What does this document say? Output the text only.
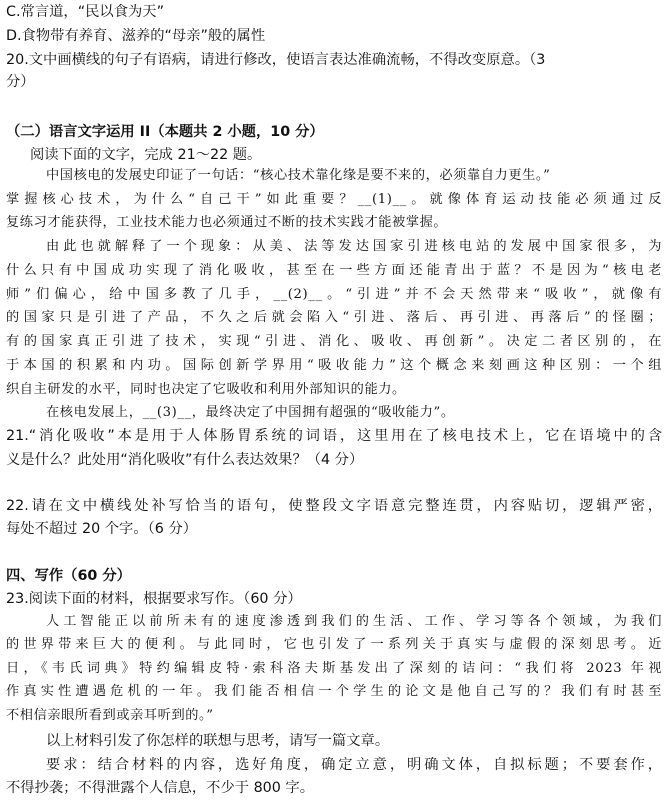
C.常言道，“民以食为天”
D.食物带有养育、滋养的“母亲”般的属性
20.文中画横线的句子有语病，请进行修改，使语言表达准确流畅，不得改变原意。（3
分）
（二）语言文字运用 II（本题共 2 小题，10 分）
阅读下面的文字，完成 21～22 题。
中国核电的发展史印证了一句话：“核心技术靠化缘是要不来的，必须靠自力更生。”
掌握核心技术，为什么“自己干”如此重要？__(1)__。就像体育运动技能必须通过反
复练习才能获得，工业技术能力也必须通过不断的技术实践才能被掌握。
由此也就解释了一个现象：从美、法等发达国家引进核电站的发展中国家很多，为
什么只有中国成功实现了消化吸收，甚至在一些方面还能青出于蓝？不是因为“核电老
师”们偏心，给中国多教了几手，__(2)__。“引进”并不会天然带来“吸收”，就像有
的国家只是引进了产品，不久之后就会陷入“引进、落后、再引进、再落后”的怪圈；
有的国家真正引进了技术，实现“引进、消化、吸收、再创新”。决定二者区别的，在
于本国的积累和内功。国际创新学界用“吸收能力”这个概念来刻画这种区别：一个组
织自主研发的水平，同时也决定了它吸收和利用外部知识的能力。
在核电发展上，__(3)__，最终决定了中国拥有超强的“吸收能力”。
21.“消化吸收”本是用于人体肠胃系统的词语，这里用在了核电技术上，它在语境中的含
义是什么？此处用“消化吸收”有什么表达效果？（4 分）
22.请在文中横线处补写恰当的语句，使整段文字语意完整连贯，内容贴切，逻辑严密，
每处不超过 20 个字。（6 分）
四、写作（60 分）
23.阅读下面的材料，根据要求写作。（60 分）
人工智能正以前所未有的速度渗透到我们的生活、工作、学习等各个领域，为我们
的世界带来巨大的便利。与此同时，它也引发了一系列关于真实与虚假的深刻思考。近
日，《韦氏词典》特约编辑皮特·索科洛夫斯基发出了深刻的诘问：“我们将 2023 年视
作真实性遭遇危机的一年。我们能否相信一个学生的论文是他自己写的？我们有时甚至
不相信亲眼所看到或亲耳听到的。”
以上材料引发了你怎样的联想与思考，请写一篇文章。
要求：结合材料的内容，选好角度，确定立意，明确文体，自拟标题；不要套作，
不得抄袭；不得泄露个人信息，不少于 800 字。
